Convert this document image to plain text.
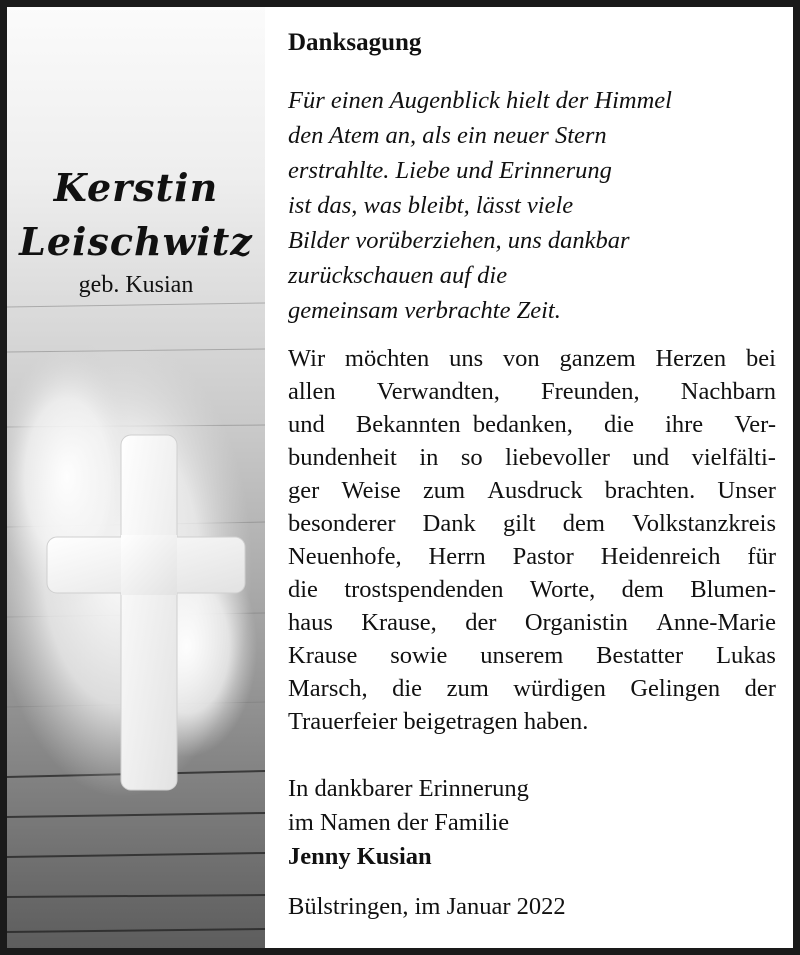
Kerstin
Leischwitz
geb. Kusian
Danksagung
Für einen Augenblick hielt der Himmel
den Atem an, als ein neuer Stern
erstrahlte. Liebe und Erinnerung
ist das, was bleibt, lässt viele
Bilder vorüberziehen, uns dankbar
zurückschauen auf die
gemeinsam verbrachte Zeit.
Wir möchten uns von ganzem Herzen bei
allen Verwandten, Freunden, Nachbarn
und Bekannten  bedanken, die ihre Ver-
bundenheit in so liebevoller und vielfälti-
ger Weise zum Ausdruck brachten. Unser
besonderer Dank gilt dem Volkstanzkreis
Neuenhofe, Herrn Pastor Heidenreich für
die trostspendenden Worte, dem Blumen-
haus Krause, der Organistin Anne-Marie
Krause sowie unserem Bestatter Lukas
Marsch, die zum würdigen Gelingen der
Trauerfeier beigetragen haben.
In dankbarer Erinnerung
im Namen der Familie
Jenny Kusian
Bülstringen, im Januar 2022
